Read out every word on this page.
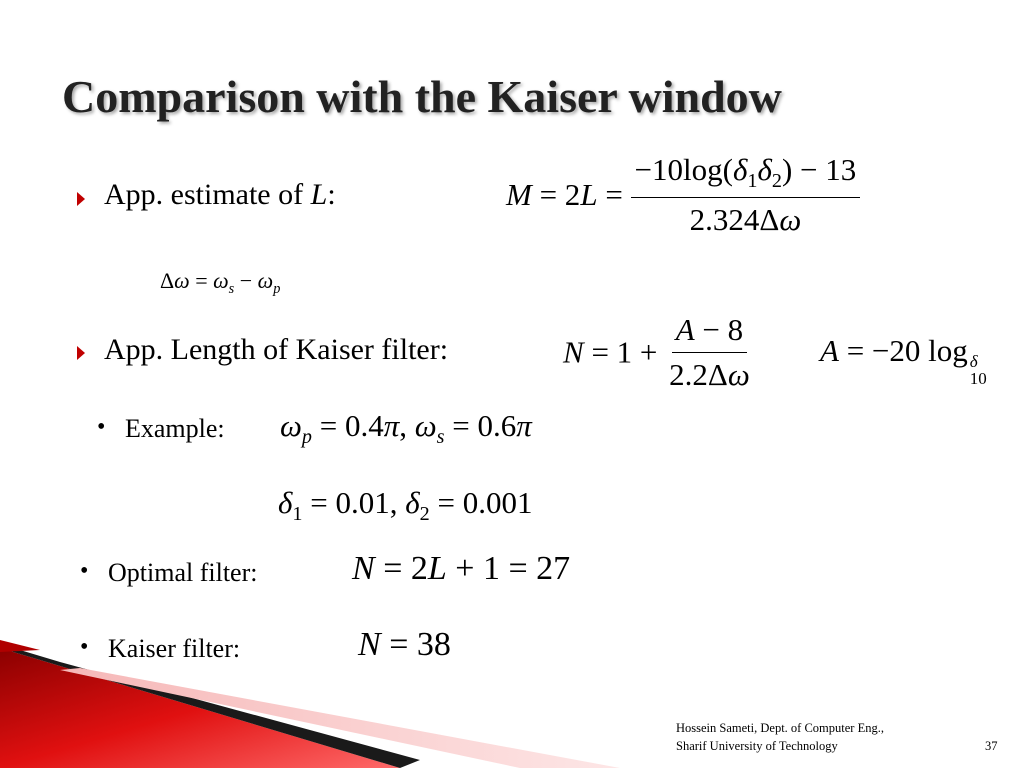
Comparison with the Kaiser window
App. estimate of L:	$M = 2L = \frac{-10\log(\delta_1\delta_2) - 13}{2.324\Delta\omega}$
$\Delta\omega = \omega_s - \omega_p$
App. Length of Kaiser filter:	$N = 1 + \frac{A - 8}{2.2\Delta\omega}$ A = −20 log δ
10
• Example: $\omega_p = 0.4\pi$, $\omega_s = 0.6\pi$
$\delta_1 = 0.01$, $\delta_2 = 0.001$
• Optimal filter:	N = 2L + 1 = 27
• Kaiser filter:	N = 38
Hossein Sameti, Dept. of Computer Eng.,
Sharif University of Technology	37
